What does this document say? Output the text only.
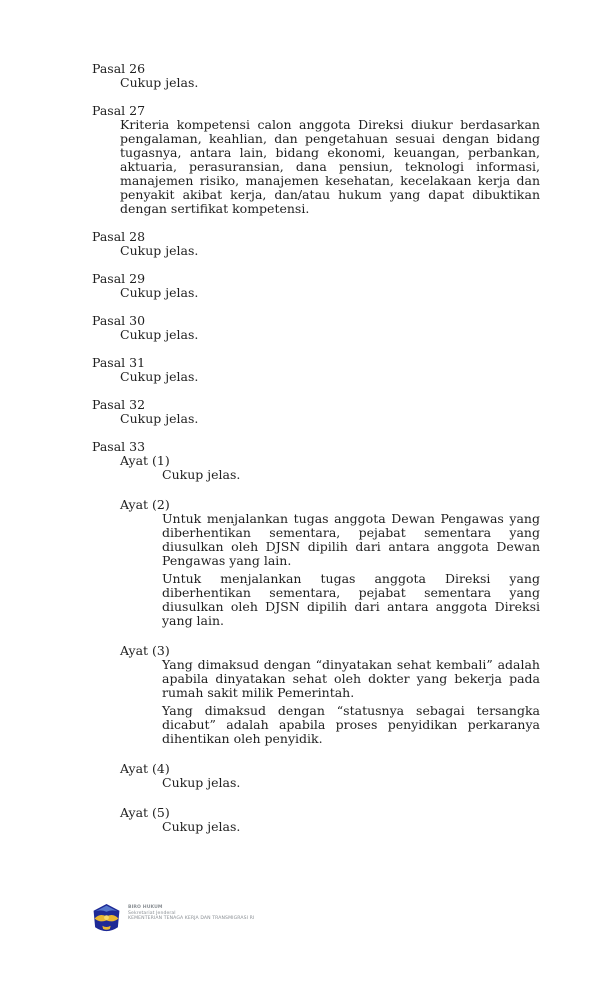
Pasal 26

Cukup jelas.

Pasal 27

Kriteria kompetensi calon anggota Direksi diukur berdasarkan pengalaman, keahlian, dan pengetahuan sesuai dengan bidang tugasnya, antara lain, bidang ekonomi, keuangan, perbankan, aktuaria, perasuransian, dana pensiun, teknologi informasi, manajemen risiko, manajemen kesehatan, kecelakaan kerja dan penyakit akibat kerja, dan/atau hukum yang dapat dibuktikan dengan sertifikat kompetensi.

Pasal 28

Cukup jelas.

Pasal 29

Cukup jelas.

Pasal 30

Cukup jelas.

Pasal 31

Cukup jelas.

Pasal 32

Cukup jelas.

Pasal 33

Ayat (1)

Cukup jelas.

Ayat (2)

Untuk menjalankan tugas anggota Dewan Pengawas yang diberhentikan sementara, pejabat sementara yang diusulkan oleh DJSN dipilih dari antara anggota Dewan Pengawas yang lain.

Untuk menjalankan tugas anggota Direksi yang diberhentikan sementara, pejabat sementara yang diusulkan oleh DJSN dipilih dari antara anggota Direksi yang lain.

Ayat (3)

Yang dimaksud dengan “dinyatakan sehat kembali” adalah apabila dinyatakan sehat oleh dokter yang bekerja pada rumah sakit milik Pemerintah.

Yang dimaksud dengan “statusnya sebagai tersangka dicabut” adalah apabila proses penyidikan perkaranya dihentikan oleh penyidik.

Ayat (4)

Cukup jelas.

Ayat (5)

Cukup jelas.

BIRO HUKUM
Sekretariat Jenderal
KEMENTERIAN TENAGA KERJA DAN TRANSMIGRASI RI
